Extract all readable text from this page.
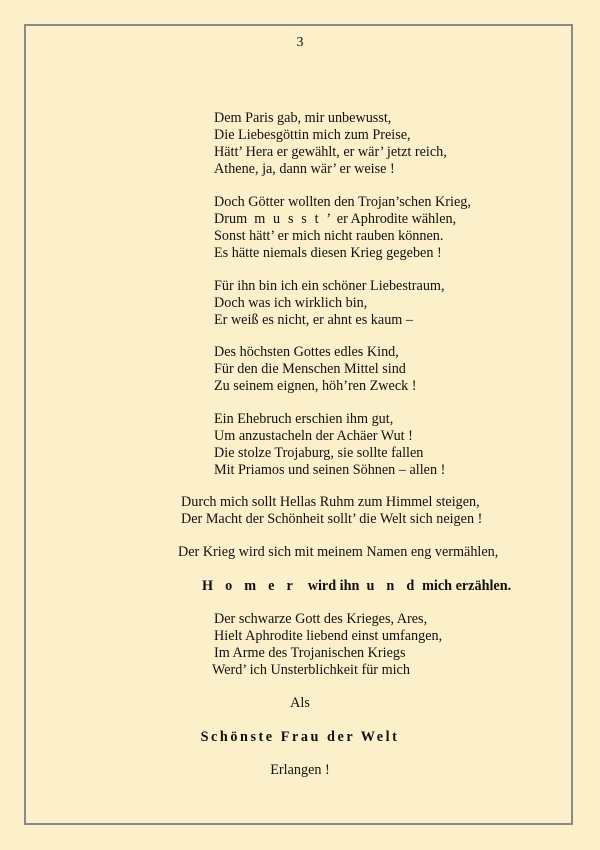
3
Dem Paris gab, mir unbewusst,
Die Liebesgöttin mich zum Preise,
Hätt’ Hera er gewählt, er wär’ jetzt reich,
Athene, ja, dann wär’ er weise !
Doch Götter wollten den Trojan’schen Krieg,
Drum m u s s t ’ er Aphrodite wählen,
Sonst hätt’ er mich nicht rauben können.
Es hätte niemals diesen Krieg gegeben !
Für ihn bin ich ein schöner Liebestraum,
Doch was ich wirklich bin,
Er weiß es nicht, er ahnt es kaum –
Des höchsten Gottes edles Kind,
Für den die Menschen Mittel sind
Zu seinem eignen, höh’ren Zweck !
Ein Ehebruch erschien ihm gut,
Um anzustacheln der Achäer Wut !
Die stolze Trojaburg, sie sollte fallen
Mit Priamos und seinen Söhnen – allen !
Durch mich sollt Hellas Ruhm zum Himmel steigen,
Der Macht der Schönheit sollt’ die Welt sich neigen !
Der Krieg wird sich mit meinem Namen eng vermählen,
H o m e r wird ihn u n d mich erzählen.
Der schwarze Gott des Krieges, Ares,
Hielt Aphrodite liebend einst umfangen,
Im Arme des Trojanischen Kriegs
Werd’ ich Unsterblichkeit für mich
Als
Schönste Frau der Welt
Erlangen !
